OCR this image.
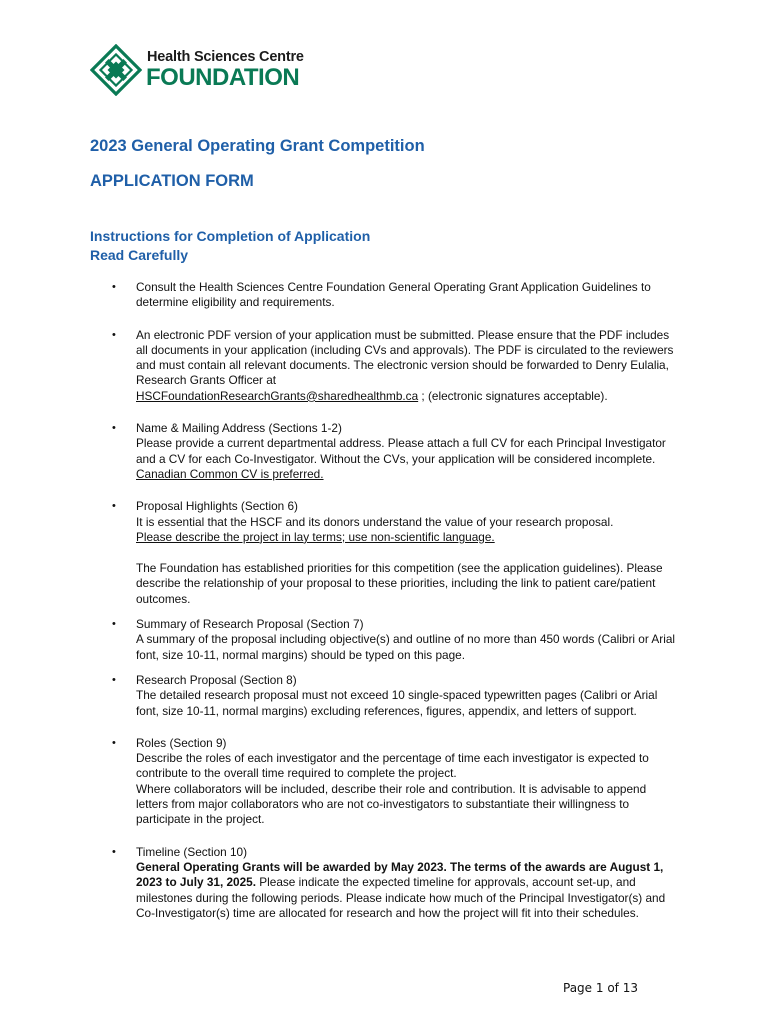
Health Sciences Centre
FOUNDATION
2023 General Operating Grant Competition
APPLICATION FORM
Instructions for Completion of Application
Read Carefully
• Consult the Health Sciences Centre Foundation General Operating Grant Application Guidelines to determine eligibility and requirements.

• An electronic PDF version of your application must be submitted. Please ensure that the PDF includes all documents in your application (including CVs and approvals). The PDF is circulated to the reviewers and must contain all relevant documents. The electronic version should be forwarded to Denry Eulalia, Research Grants Officer at
HSCFoundationResearchGrants@sharedhealthmb.ca ; (electronic signatures acceptable).

• Name & Mailing Address (Sections 1-2)

Please provide a current departmental address. Please attach a full CV for each Principal Investigator and a CV for each Co-Investigator. Without the CVs, your application will be considered incomplete. Canadian Common CV is preferred.

• Proposal Highlights (Section 6)

It is essential that the HSCF and its donors understand the value of your research proposal.

Please describe the project in lay terms; use non-scientific language.

The Foundation has established priorities for this competition (see the application guidelines). Please describe the relationship of your proposal to these priorities, including the link to patient care/patient outcomes.

• Summary of Research Proposal (Section 7)

A summary of the proposal including objective(s) and outline of no more than 450 words (Calibri or Arial font, size 10-11, normal margins) should be typed on this page.

• Research Proposal (Section 8)

The detailed research proposal must not exceed 10 single-spaced typewritten pages (Calibri or Arial font, size 10-11, normal margins) excluding references, figures, appendix, and letters of support.

• Roles (Section 9)

Describe the roles of each investigator and the percentage of time each investigator is expected to contribute to the overall time required to complete the project.

Where collaborators will be included, describe their role and contribution. It is advisable to append letters from major collaborators who are not co-investigators to substantiate their willingness to participate in the project.

• Timeline (Section 10)

General Operating Grants will be awarded by May 2023. The terms of the awards are August 1, 2023 to July 31, 2025. Please indicate the expected timeline for approvals, account set-up, and milestones during the following periods. Please indicate how much of the Principal Investigator(s) and Co-Investigator(s) time are allocated for research and how the project will fit into their schedules.

Page 1 of 13
